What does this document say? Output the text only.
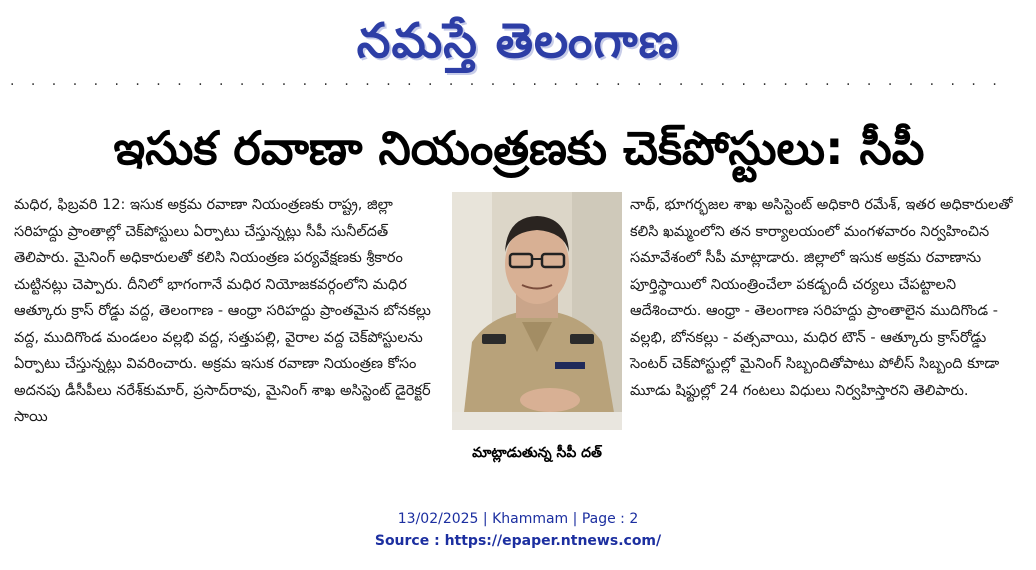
నమస్తే తెలంగాణ
· · · · · · · · · · · · · · · · · · · · · · · · · · · · · · · · · · · · · · · · · · · · · · · ·
ఇసుక రవాణా నియంత్రణకు చెక్‌పోస్టులు: సీపీ

మధిర, ఫిబ్రవరి 12: ఇసుక అక్రమ రవాణా నియంత్రణకు రాష్ట్ర, జిల్లా సరిహద్దు ప్రాంతాల్లో చెక్‌పోస్టులు ఏర్పాటు చేస్తున్నట్లు సీపీ సునీల్‌దత్ తెలిపారు. మైనింగ్ అధికారులతో కలిసి నియంత్రణ పర్యవేక్షణకు శ్రీకారం చుట్టినట్లు చెప్పారు. దీనిలో భాగంగానే మధిర నియోజకవర్గంలోని మధిర ఆత్కూరు క్రాస్ రోడ్డు వద్ద, తెలంగాణ - ఆంధ్రా సరిహద్దు ప్రాంతమైన బోనకల్లు వద్ద, ముదిగొండ మండలం వల్లభి వద్ద, సత్తుపల్లి, వైరాల వద్ద చెక్‌పోస్టులను ఏర్పాటు చేస్తున్నట్లు వివరించారు. అక్రమ ఇసుక రవాణా నియంత్రణ కోసం అదనపు డీసీపీలు నరేశ్‌కుమార్, ప్రసాద్‌రావు, మైనింగ్ శాఖ అసిస్టెంట్ డైరెక్టర్ సాయి

మాట్లాడుతున్న సీపీ దత్

నాథ్, భూగర్భజల శాఖ అసిస్టెంట్ అధికారి రమేశ్, ఇతర అధికారులతో కలిసి ఖమ్మంలోని తన కార్యాలయంలో మంగళవారం నిర్వహించిన సమావేశంలో సీపీ మాట్లాడారు. జిల్లాలో ఇసుక అక్రమ రవాణాను పూర్తిస్థాయిలో నియంత్రించేలా పకడ్బందీ చర్యలు చేపట్టాలని ఆదేశించారు. ఆంధ్రా - తెలంగాణ సరిహద్దు ప్రాంతాలైన ముదిగొండ - వల్లభి, బోనకల్లు - వత్సవాయి, మధిర టౌన్ - ఆత్కూరు క్రాస్‌రోడ్డు సెంటర్ చెక్‌పోస్టుల్లో మైనింగ్ సిబ్బందితోపాటు పోలీస్ సిబ్బంది కూడా మూడు షిఫ్టుల్లో 24 గంటలు విధులు నిర్వహిస్తారని తెలిపారు.

13/02/2025 | Khammam | Page : 2
Source : https://epaper.ntnews.com/
